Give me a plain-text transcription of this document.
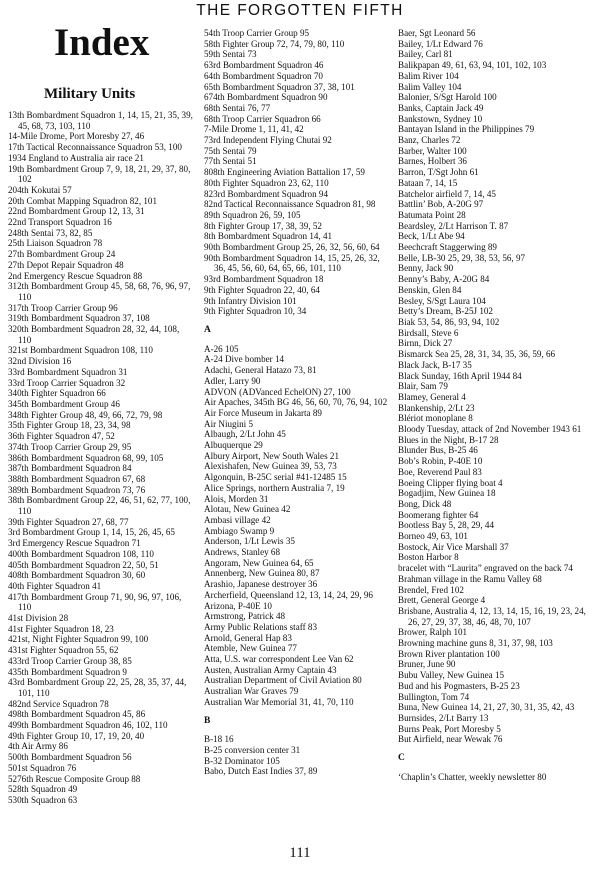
THE FORGOTTEN FIFTH
Index
Military Units
13th Bombardment Squadron 1, 14, 15, 21, 35, 39, 45, 68, 73, 103, 110
14-Mile Drome, Port Moresby 27, 46
17th Tactical Reconnaissance Squadron 53, 100
1934 England to Australia air race 21
19th Bombardment Group 7, 9, 18, 21, 29, 37, 80, 102
204th Kokutai 57
20th Combat Mapping Squadron 82, 101
22nd Bombardment Group 12, 13, 31
22nd Transport Squadron 16
248th Sentai 73, 82, 85
25th Liaison Squadron 78
27th Bombardment Group 24
27th Depot Repair Squadron 48
2nd Emergency Rescue Squadron 88
312th Bombardment Group 45, 58, 68, 76, 96, 97, 110
317th Troop Carrier Group 96
319th Bombardment Squadron 37, 108
320th Bombardment Squadron 28, 32, 44, 108, 110
321st Bombardment Squadron 108, 110
32nd Division 16
33rd Bombardment Squadron 31
33rd Troop Carrier Squadron 32
340th Fighter Squadron 66
345th Bombardment Group 46
348th Fighter Group 48, 49, 66, 72, 79, 98
35th Fighter Group 18, 23, 34, 98
36th Fighter Squadron 47, 52
374th Troop Carrier Group 29, 95
386th Bombardment Squadron 68, 99, 105
387th Bombardment Squadron 84
388th Bombardment Squadron 67, 68
389th Bombardment Squadron 73, 76
38th Bombardment Group 22, 46, 51, 62, 77, 100, 110
39th Fighter Squadron 27, 68, 77
3rd Bombardment Group 1, 14, 15, 26, 45, 65
3rd Emergency Rescue Squadron 71
400th Bombardment Squadron 108, 110
405th Bombardment Squadron 22, 50, 51
408th Bombardment Squadron 30, 60
40th Fighter Squadron 41
417th Bombardment Group 71, 90, 96, 97, 106, 110
41st Division 28
41st Fighter Squadron 18, 23
421st, Night Fighter Squadron 99, 100
431st Fighter Squadron 55, 62
433rd Troop Carrier Group 38, 85
435th Bombardment Squadron 9
43rd Bombardment Group 22, 25, 28, 35, 37, 44, 101, 110
482nd Service Squadron 78
498th Bombardment Squadron 45, 86
499th Bombardment Squadron 46, 102, 110
49th Fighter Group 10, 17, 19, 20, 40
4th Air Army 86
500th Bombardment Squadron 56
501st Squadron 76
5276th Rescue Composite Group 88
528th Squadron 49
530th Squadron 63
54th Troop Carrier Group 95
58th Fighter Group 72, 74, 79, 80, 110
59th Sentai 73
63rd Bombardment Squadron 46
64th Bombardment Squadron 70
65th Bombardment Squadron 37, 38, 101
674th Bombardment Squadron 90
68th Sentai 76, 77
68th Troop Carrier Squadron 66
7-Mile Drome 1, 11, 41, 42
73rd Independent Flying Chutai 92
75th Sentai 79
77th Sentai 51
808th Engineering Aviation Battalion 17, 59
80th Fighter Squadron 23, 62, 110
823rd Bombardment Squadron 94
82nd Tactical Reconnaissance Squadron 81, 98
89th Squadron 26, 59, 105
8th Fighter Group 17, 38, 39, 52
8th Bombardment Squadron 14, 41
90th Bombardment Group 25, 26, 32, 56, 60, 64
90th Bombardment Squadron 14, 15, 25, 26, 32, 36, 45, 56, 60, 64, 65, 66, 101, 110
93rd Bombardment Squadron 18
9th Fighter Squadron 22, 40, 64
9th Infantry Division 101
9th Fighter Squadron 10, 34
A
A-26 105
A-24 Dive bomber 14
Adachi, General Hatazo 73, 81
Adler, Larry 90
ADVON (ADVanced EchelON) 27, 100
Air Apaches, 345th BG 46, 56, 60, 70, 76, 94, 102
Air Force Museum in Jakarta 89
Air Niugini 5
Albaugh, 2/Lt John 45
Albuquerque 29
Albury Airport, New South Wales 21
Alexishafen, New Guinea 39, 53, 73
Algonquin, B-25C serial #41-12485 15
Alice Springs, northern Australia 7, 19
Alois, Morden 31
Alotau, New Guinea 42
Ambasi village 42
Ambiago Swamp 9
Anderson, 1/Lt Lewis 35
Andrews, Stanley 68
Angoram, New Guinea 64, 65
Annenberg, New Guinea 80, 87
Arashio, Japanese destroyer 36
Archerfield, Queensland 12, 13, 14, 24, 29, 96
Arizona, P-40E 10
Armstrong, Patrick 48
Army Public Relations staff 83
Arnold, General Hap 83
Atemble, New Guinea 77
Atta, U.S. war correspondent Lee Van 62
Austen, Australian Army Captain 43
Australian Department of Civil Aviation 80
Australian War Graves 79
Australian War Memorial 31, 41, 70, 110
B
B-18 16
B-25 conversion center 31
B-32 Dominator 105
Babo, Dutch East Indies 37, 89
Baer, Sgt Leonard 56
Bailey, 1/Lt Edward 76
Bailey, Carl 81
Balikpapan 49, 61, 63, 94, 101, 102, 103
Balim River 104
Balim Valley 104
Balonier, S/Sgt Harold 100
Banks, Captain Jack 49
Bankstown, Sydney 10
Bantayan Island in the Philippines 79
Banz, Charles 72
Barber, Walter 100
Barnes, Holbert 36
Barron, T/Sgt John 61
Bataan 7, 14, 15
Batchelor airfield 7, 14, 45
Battlin’ Bob, A-20G 97
Batumata Point 28
Beardsley, 2/Lt Harrison T. 87
Beck, 1/Lt Abe 94
Beechcraft Staggerwing 89
Belle, LB-30 25, 29, 38, 53, 56, 97
Benny, Jack 90
Benny’s Baby, A-20G 84
Benskin, Glen 84
Besley, S/Sgt Laura 104
Betty’s Dream, B-25J 102
Biak 53, 54, 86, 93, 94, 102
Birdsall, Steve 6
Birnn, Dick 27
Bismarck Sea 25, 28, 31, 34, 35, 36, 59, 66
Black Jack, B-17 35
Black Sunday, 16th April 1944 84
Blair, Sam 79
Blamey, General 4
Blankenship, 2/Lt 23
Blériot monoplane 8
Bloody Tuesday, attack of 2nd November 1943 61
Blues in the Night, B-17 28
Blunder Bus, B-25 46
Bob’s Robin, P-40E 10
Boe, Reverend Paul 83
Boeing Clipper flying boat 4
Bogadjim, New Guinea 18
Bong, Dick 48
Boomerang fighter 64
Bootless Bay 5, 28, 29, 44
Borneo 49, 63, 101
Bostock, Air Vice Marshall 37
Boston Harbor 8
bracelet with “Laurita” engraved on the back 74
Brahman village in the Ramu Valley 68
Brendel, Fred 102
Brett, General George 4
Brisbane, Australia 4, 12, 13, 14, 15, 16, 19, 23, 24, 26, 27, 29, 37, 38, 46, 48, 70, 107
Brower, Ralph 101
Browning machine guns 8, 31, 37, 98, 103
Brown River plantation 100
Bruner, June 90
Bubu Valley, New Guinea 15
Bud and his Pogmasters, B-25 23
Bullington, Tom 74
Buna, New Guinea 14, 21, 27, 30, 31, 35, 42, 43
Burnsides, 2/Lt Barry 13
Burns Peak, Port Moresby 5
But Airfield, near Wewak 76
C
‘Chaplin’s Chatter, weekly newsletter 80
111
